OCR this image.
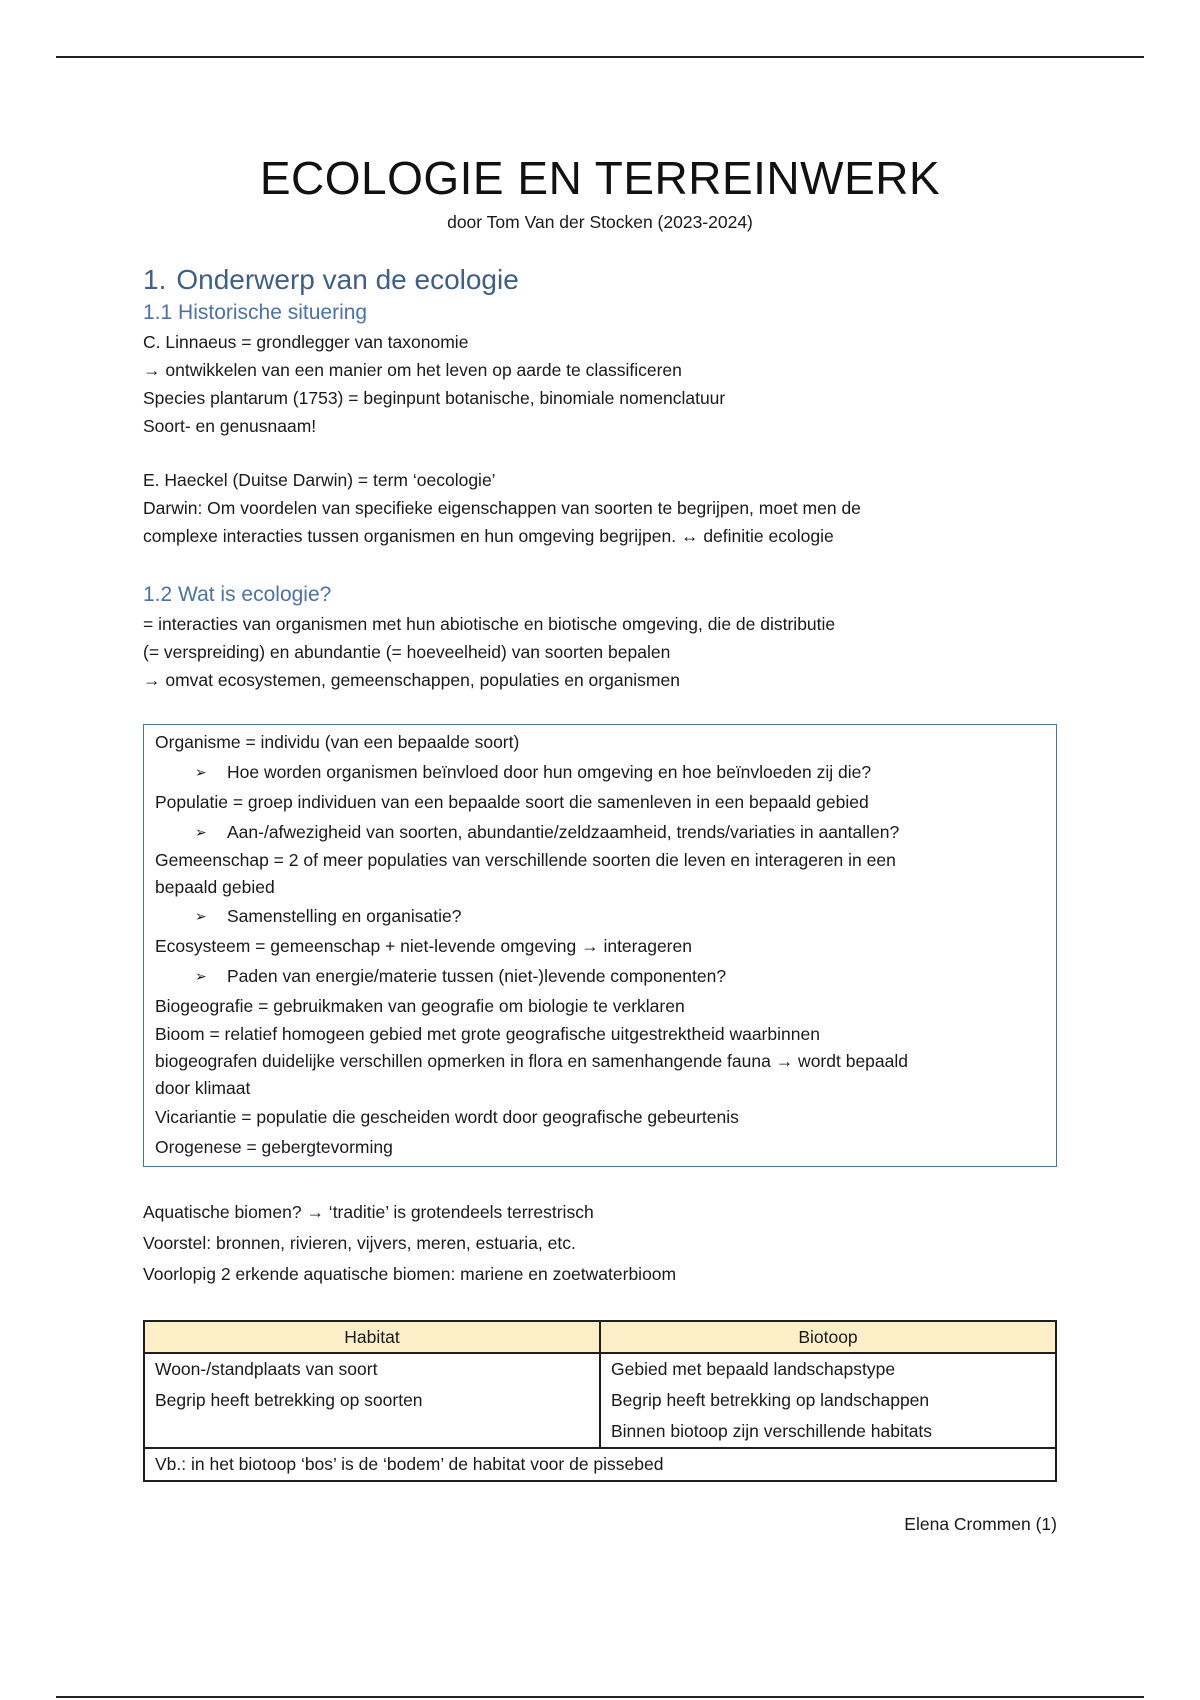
ECOLOGIE EN TERREINWERK

door Tom Van der Stocken (2023-2024)

1. Onderwerp van de ecologie
1.1 Historische situering

C. Linnaeus = grondlegger van taxonomie

→ ontwikkelen van een manier om het leven op aarde te classificeren

Species plantarum (1753) = beginpunt botanische, binomiale nomenclatuur

Soort- en genusnaam!

E. Haeckel (Duitse Darwin) = term ‘oecologie’

Darwin: Om voordelen van specifieke eigenschappen van soorten te begrijpen, moet men de

complexe interacties tussen organismen en hun omgeving begrijpen. ↔ definitie ecologie

1.2 Wat is ecologie?

= interacties van organismen met hun abiotische en biotische omgeving, die de distributie

(= verspreiding) en abundantie (= hoeveelheid) van soorten bepalen

→ omvat ecosystemen, gemeenschappen, populaties en organismen

Organisme = individu (van een bepaalde soort)

➢ Hoe worden organismen beïnvloed door hun omgeving en hoe beïnvloeden zij die?

Populatie = groep individuen van een bepaalde soort die samenleven in een bepaald gebied

➢ Aan-/afwezigheid van soorten, abundantie/zeldzaamheid, trends/variaties in aantallen?

Gemeenschap = 2 of meer populaties van verschillende soorten die leven en interageren in een

bepaald gebied

➢ Samenstelling en organisatie?

Ecosysteem = gemeenschap + niet-levende omgeving → interageren

➢ Paden van energie/materie tussen (niet-)levende componenten?

Biogeografie = gebruikmaken van geografie om biologie te verklaren

Bioom = relatief homogeen gebied met grote geografische uitgestrektheid waarbinnen

biogeografen duidelijke verschillen opmerken in flora en samenhangende fauna → wordt bepaald

door klimaat

Vicariantie = populatie die gescheiden wordt door geografische gebeurtenis

Orogenese = gebergtevorming

Aquatische biomen? → ‘traditie’ is grotendeels terrestrisch

Voorstel: bronnen, rivieren, vijvers, meren, estuaria, etc.

Voorlopig 2 erkende aquatische biomen: mariene en zoetwaterbioom

Habitat	Biotoop

Woon-/standplaats van soort

Begrip heeft betrekking op soorten

Gebied met bepaald landschapstype

Begrip heeft betrekking op landschappen

Binnen biotoop zijn verschillende habitats

Vb.: in het biotoop ‘bos’ is de ‘bodem’ de habitat voor de pissebed
Elena Crommen (1)
